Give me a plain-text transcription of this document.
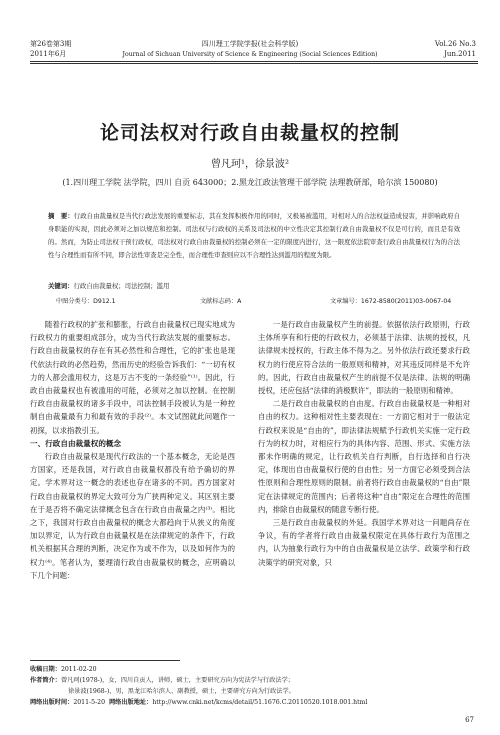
第26卷第3期
2011年6月
四川理工学院学报(社会科学版)
Journal of Sichuan University of Science & Engineering (Social Sciences Edition)
Vol.26 No.3
Jun.2011
论司法权对行政自由裁量权的控制
曾凡珂¹，徐景波²
(1.四川理工学院 法学院，四川 自贡 643000；2.黑龙江政法管理干部学院 法理教研部，哈尔滨 150080)
摘　要：行政自由裁量权是当代行政法发展的重要标志，其在发挥积极作用的同时，又极易被滥用，对相对人的合法权益造成侵害，并影响政府自身职能的实现，因此必须对之加以规范和控制。司法权与行政权的关系及司法权的中立性决定其控制行政自由裁量权不仅是可行的，而且是有效的。然而，为防止司法权干预行政权，司法权对行政自由裁量权的控制必须在一定的限度内进行，这一限度依法院审查行政自由裁量权行为的合法性与合理性而有所不同，即合法性审查是完全性，而合理性审查则应以不合理性达到滥用的程度为限。
关键词：行政自由裁量权；司法控制；滥用
中图分类号：D912.1	文献标志码：A	文章编号：1672-8580(2011)03-0067-04

随着行政权的扩张和膨胀，行政自由裁量权已现实地成为行政权力的重要组成部分，成为当代行政法发展的重要标志。行政自由裁量权的存在有其必然性和合理性，它的扩张也是现代依法行政的必然趋势，然而历史的经验告诉我们：“一切有权力的人都会滥用权力，这是万古不变的一条经验”⁽¹⁾。因此，行政自由裁量权也有被滥用的可能，必须对之加以控制。在控制行政自由裁量权的诸多手段中，司法控制手段被认为是一种控制自由裁量最有力和最有效的手段⁽²⁾。本文试图就此问题作一初探，以求指教引玉。

一、行政自由裁量权的概念

行政自由裁量权是现代行政法的一个基本概念，无论是西方国家，还是我国，对行政自由裁量权都没有给予确切的界定。学术界对这一概念的表述也存在诸多的不同。西方国家对行政自由裁量权的界定大致可分为广狭两种定义。其区别主要在于是否将不确定法律概念包含在行政自由裁量之内⁽³⁾。相比之下，我国对行政自由裁量权的概念大都趋向于从狭义的角度加以界定，认为行政自由裁量权是在法律规定的条件下，行政机关根据其合理的判断，决定作为或不作为，以及如何作为的权力⁽⁴⁾。笔者认为，要理清行政自由裁量权的概念，应明确以下几个问题：

一是行政自由裁量权产生的前提。依据依法行政原则，行政主体所享有和行使的行政权力，必须基于法律、法规的授权，凡法律规未授权的，行政主体不得为之。另外依法行政还要求行政权力的行使应符合法的一般原则和精神，对其违反同样是不允许的。因此，行政自由裁量权产生的前提不仅是法律、法规的明确授权，还应包括“法律的消极默许”，即法的一般原则和精神。

二是行政自由裁量权的自由度。行政自由裁量权是一种相对自由的权力。这种相对性主要表现在：一方面它相对于一般法定行政权来说是“自由的”，即法律法规赋予行政机关实施一定行政行为的权力时，对相应行为的具体内容、范围、形式、实施方法都未作明确的规定，让行政机关自行判断，自行选择和自行决定，体现出自由裁量权行使的自由性；另一方面它必须受到合法性原则和合理性原则的限制。前者将行政自由裁量权的“自由”限定在法律规定的范围内；后者将这种“自由”限定在合理性的范围内，排除自由裁量权的随意专断行使。

三是行政自由裁量权的外延。我国学术界对这一问题尚存在争议，有的学者将行政自由裁量权限定在具体行政行为范围之内，认为抽象行政行为中的自由裁量权是立法学、政策学和行政决策学的研究对象，只

收稿日期：2011-02-20
作者简介：曾凡珂(1978-)，女，四川自贡人，讲师，硕士，主要研究方向为宪法学与行政法学；
徐景波(1968-)，男，黑龙江哈尔滨人，副教授，硕士，主要研究方向为行政法学。
网络出版时间：2011-5-20 网络出版地址：http://www.cnki.net/kcms/detail/51.1676.C.20110520.1018.001.html
67
